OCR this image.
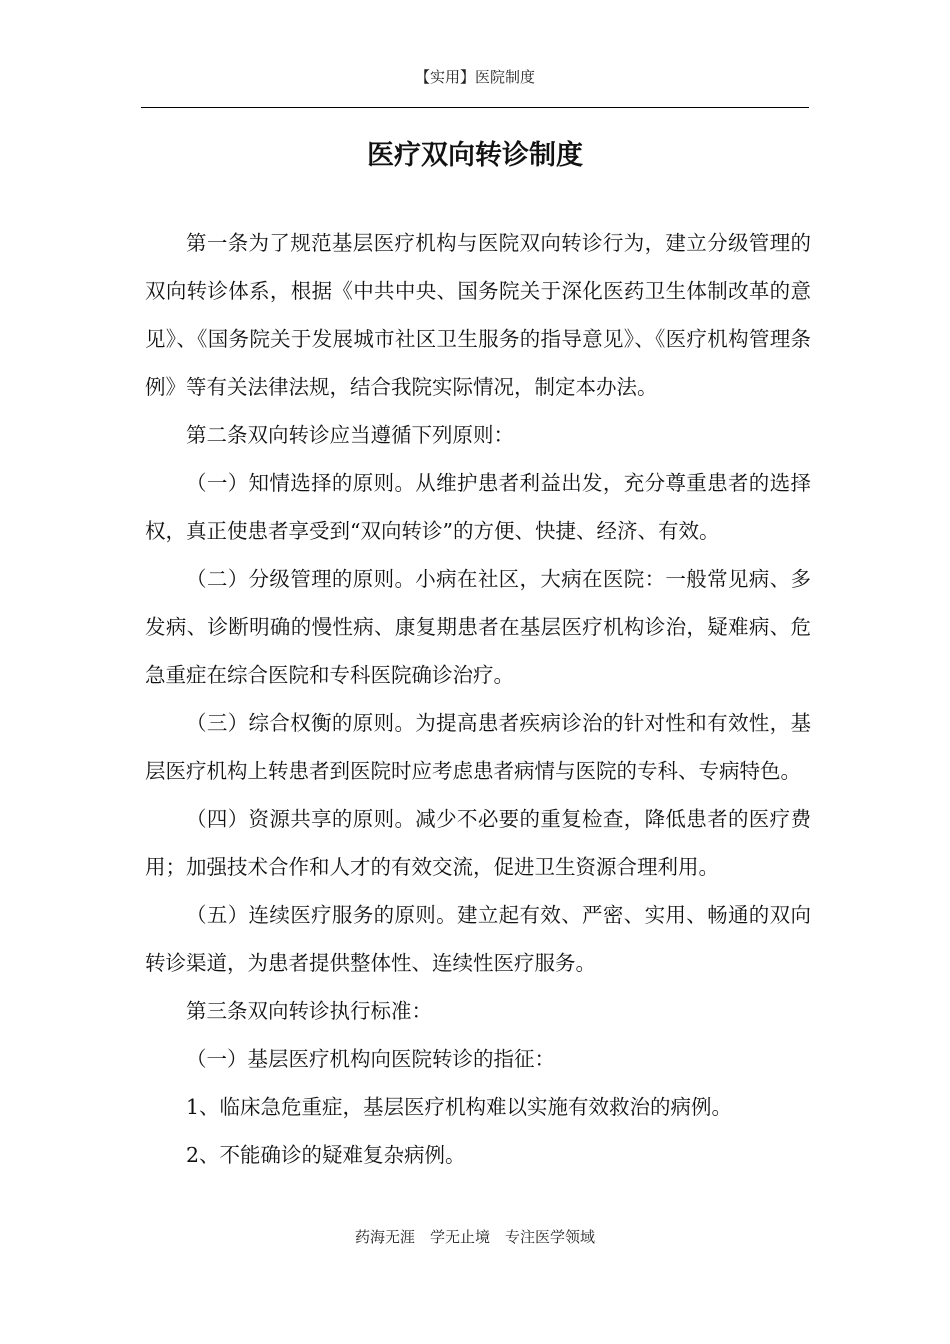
【实用】医院制度
医疗双向转诊制度

第一条为了规范基层医疗机构与医院双向转诊行为，建立分级管理的双向转诊体系，根据《中共中央、国务院关于深化医药卫生体制改革的意见》、《国务院关于发展城市社区卫生服务的指导意见》、《医疗机构管理条例》等有关法律法规，结合我院实际情况，制定本办法。

第二条双向转诊应当遵循下列原则：

（一）知情选择的原则。从维护患者利益出发，充分尊重患者的选择权，真正使患者享受到“双向转诊”的方便、快捷、经济、有效。

（二）分级管理的原则。小病在社区，大病在医院：一般常见病、多发病、诊断明确的慢性病、康复期患者在基层医疗机构诊治，疑难病、危急重症在综合医院和专科医院确诊治疗。

（三）综合权衡的原则。为提高患者疾病诊治的针对性和有效性，基层医疗机构上转患者到医院时应考虑患者病情与医院的专科、专病特色。

（四）资源共享的原则。减少不必要的重复检查，降低患者的医疗费用；加强技术合作和人才的有效交流，促进卫生资源合理利用。

（五）连续医疗服务的原则。建立起有效、严密、实用、畅通的双向转诊渠道，为患者提供整体性、连续性医疗服务。

第三条双向转诊执行标准：

（一）基层医疗机构向医院转诊的指征：

1、临床急危重症，基层医疗机构难以实施有效救治的病例。

2、不能确诊的疑难复杂病例。

药海无涯　学无止境　专注医学领域
